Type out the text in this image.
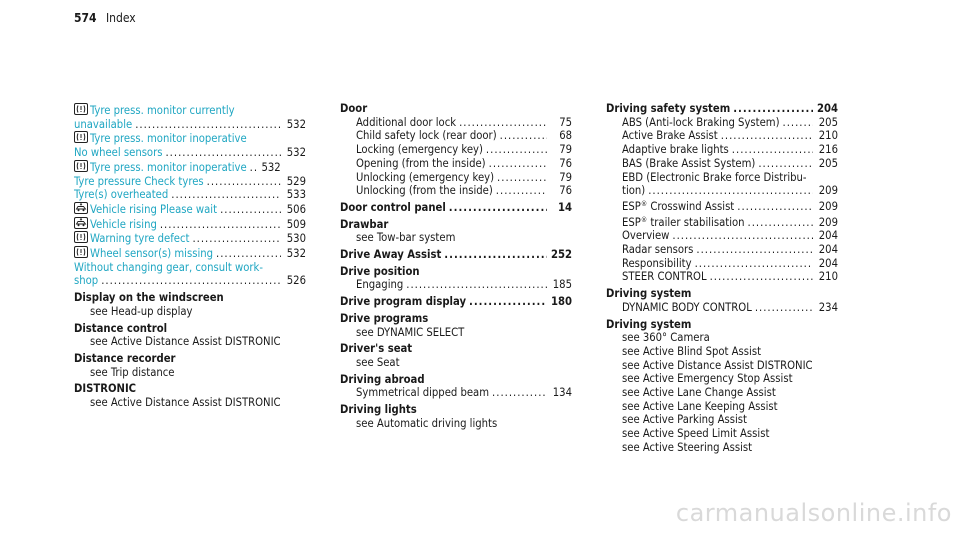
574 Index
Tyre press. monitor currently
unavailable .....	532
Tyre press. monitor inoperative
No wheel sensors .....	532
Tyre press. monitor inoperative ..... 532
Tyre pressure Check tyres .....	529
Tyre(s) overheated .....	533
Vehicle rising Please wait .....	506
Vehicle rising .....	509
Warning tyre defect .....	530
Wheel sensor(s) missing .....	532
Without changing gear, consult work-
shop .....	526
Display on the windscreen
see Head-up display
Distance control
see Active Distance Assist DISTRONIC
Distance recorder
see Trip distance
DISTRONIC
see Active Distance Assist DISTRONIC
Door
Additional door lock .....	75
Child safety lock (rear door) .....	68
Locking (emergency key) .....	79
Opening (from the inside) .....	76
Unlocking (emergency key) .....	79
Unlocking (from the inside) .....	76
Door control panel .....	14
Drawbar
see Tow-bar system
Drive Away Assist .....	252
Drive position
Engaging .....	185
Drive program display .....	180
Drive programs
see DYNAMIC SELECT
Driver's seat
see Seat
Driving abroad
Symmetrical dipped beam .....	134
Driving lights
see Automatic driving lights
Driving safety system .....	204
ABS (Anti-lock Braking System) .....	205
Active Brake Assist .....	210
Adaptive brake lights .....	216
BAS (Brake Assist System) .....	205
EBD (Electronic Brake force Distribu-
tion) .....	209
ESP® Crosswind Assist .....	209
ESP® trailer stabilisation .....	209
Overview .....	204
Radar sensors .....	204
Responsibility .....	204
STEER CONTROL .....	210
Driving system
DYNAMIC BODY CONTROL .....	234
Driving system
see 360° Camera
see Active Blind Spot Assist
see Active Distance Assist DISTRONIC
see Active Emergency Stop Assist
see Active Lane Change Assist
see Active Lane Keeping Assist
see Active Parking Assist
see Active Speed Limit Assist
see Active Steering Assist
carmanualsonline.info
